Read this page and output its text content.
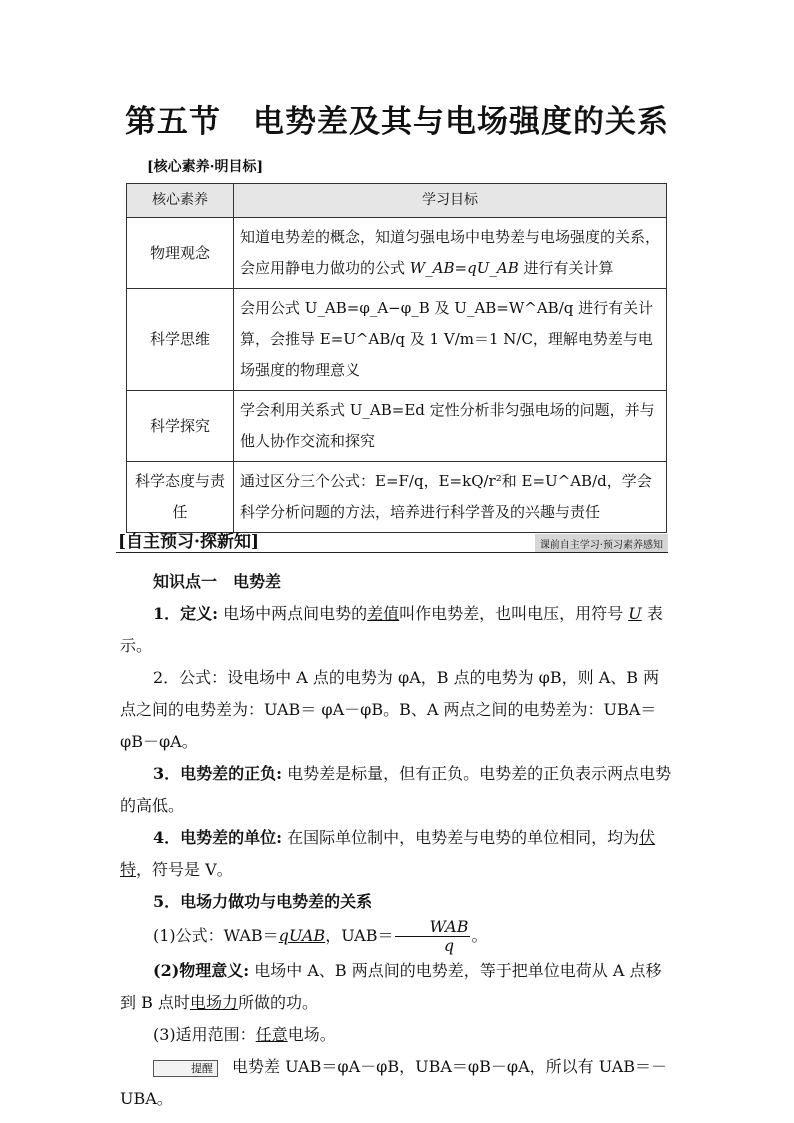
第五节　电势差及其与电场强度的关系
[核心素养·明目标]
核心素养	学习目标
物理观念	知道电势差的概念，知道匀强电场中电势差与电场强度的关系，会应用静电力做功的公式 W_AB=qU_AB 进行有关计算
科学思维	会用公式 U_AB=φ_A−φ_B 及 U_AB=W^AB/q 进行有关计算，会推导 E=U^AB/q 及 1 V/m＝1 N/C，理解电势差与电场强度的物理意义
科学探究	学会利用关系式 U_AB=Ed 定性分析非匀强电场的问题，并与他人协作交流和探究
科学态度与责任	通过区分三个公式：E=F/q，E=kQ/r²和 E=U^AB/d，学会科学分析问题的方法，培养进行科学普及的兴趣与责任
[自主预习·探新知]	课前自主学习·预习素养感知

知识点一　电势差

1．定义: 电场中两点间电势的差值叫作电势差，也叫电压，用符号 U 表示。

2．公式：设电场中 A 点的电势为 φA，B 点的电势为 φB，则 A、B 两点之间的电势差为：UAB＝ φA－φB。B、A 两点之间的电势差为：UBA＝ φB－φA。

3．电势差的正负: 电势差是标量，但有正负。电势差的正负表示两点电势的高低。

4．电势差的单位: 在国际单位制中，电势差与电势的单位相同，均为伏特，符号是 V。

5．电场力做功与电势差的关系

(1)公式：WAB＝qUAB，$UAB= \frac{\text{WAB}}{q}$ 。

(2)物理意义: 电场中 A、B 两点间的电势差，等于把单位电荷从 A 点移到 B 点时电场力所做的功。

(3)适用范围：任意电场。

提醒 电势差 UAB＝φA－φB，UBA＝φB－φA，所以有 UAB＝－UBA。
